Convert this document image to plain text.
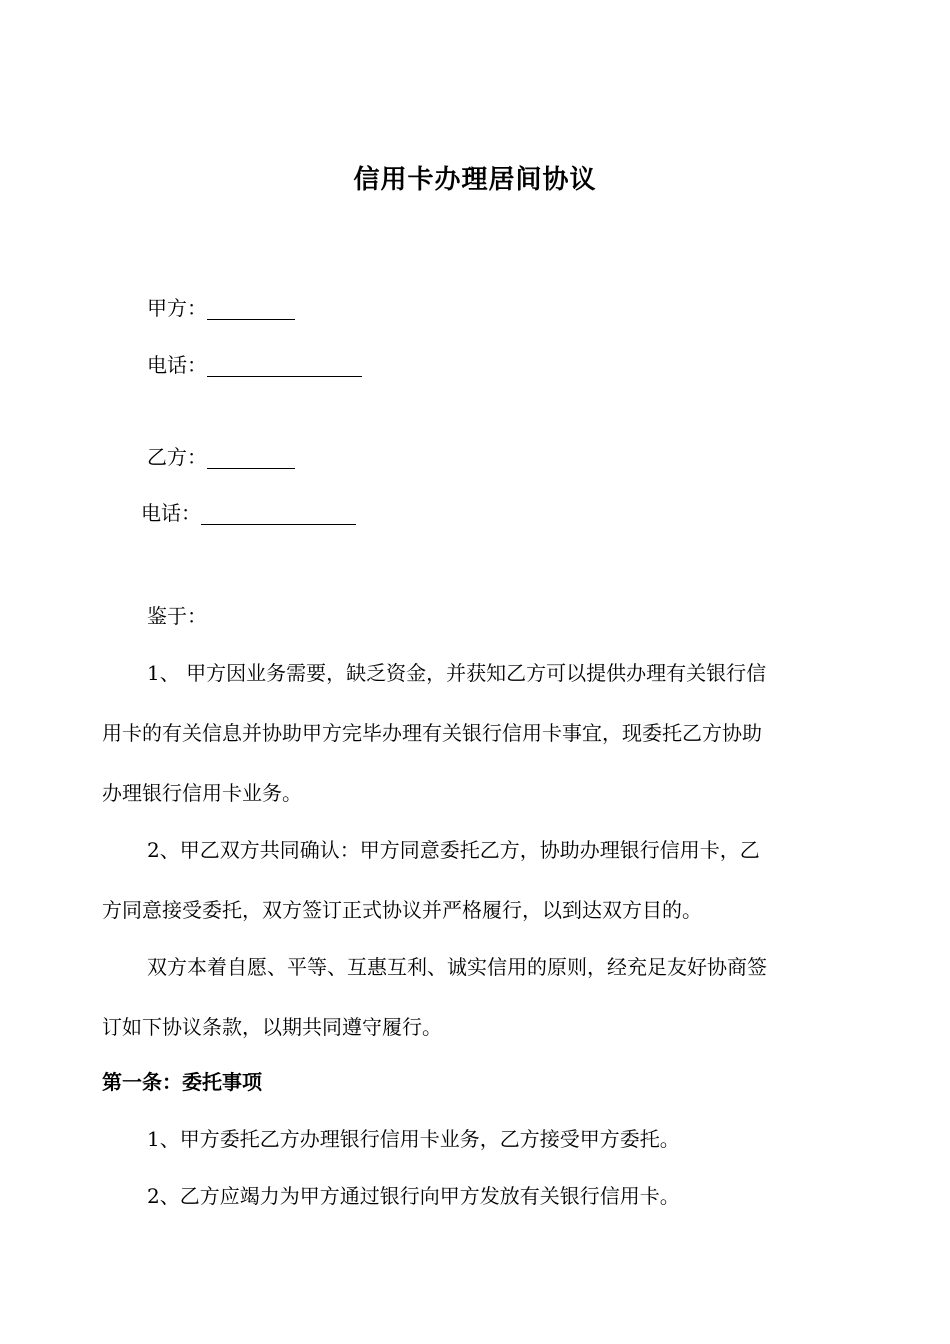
信用卡办理居间协议
甲方：
电话：
乙方：
电话：
鉴于：
1、 甲方因业务需要，缺乏资金，并获知乙方可以提供办理有关银行信
用卡的有关信息并协助甲方完毕办理有关银行信用卡事宜，现委托乙方协助
办理银行信用卡业务。
2、甲乙双方共同确认：甲方同意委托乙方，协助办理银行信用卡，乙
方同意接受委托，双方签订正式协议并严格履行，以到达双方目的。
双方本着自愿、平等、互惠互利、诚实信用的原则，经充足友好协商签
订如下协议条款，以期共同遵守履行。
第一条：委托事项
1、甲方委托乙方办理银行信用卡业务，乙方接受甲方委托。
2、乙方应竭力为甲方通过银行向甲方发放有关银行信用卡。
